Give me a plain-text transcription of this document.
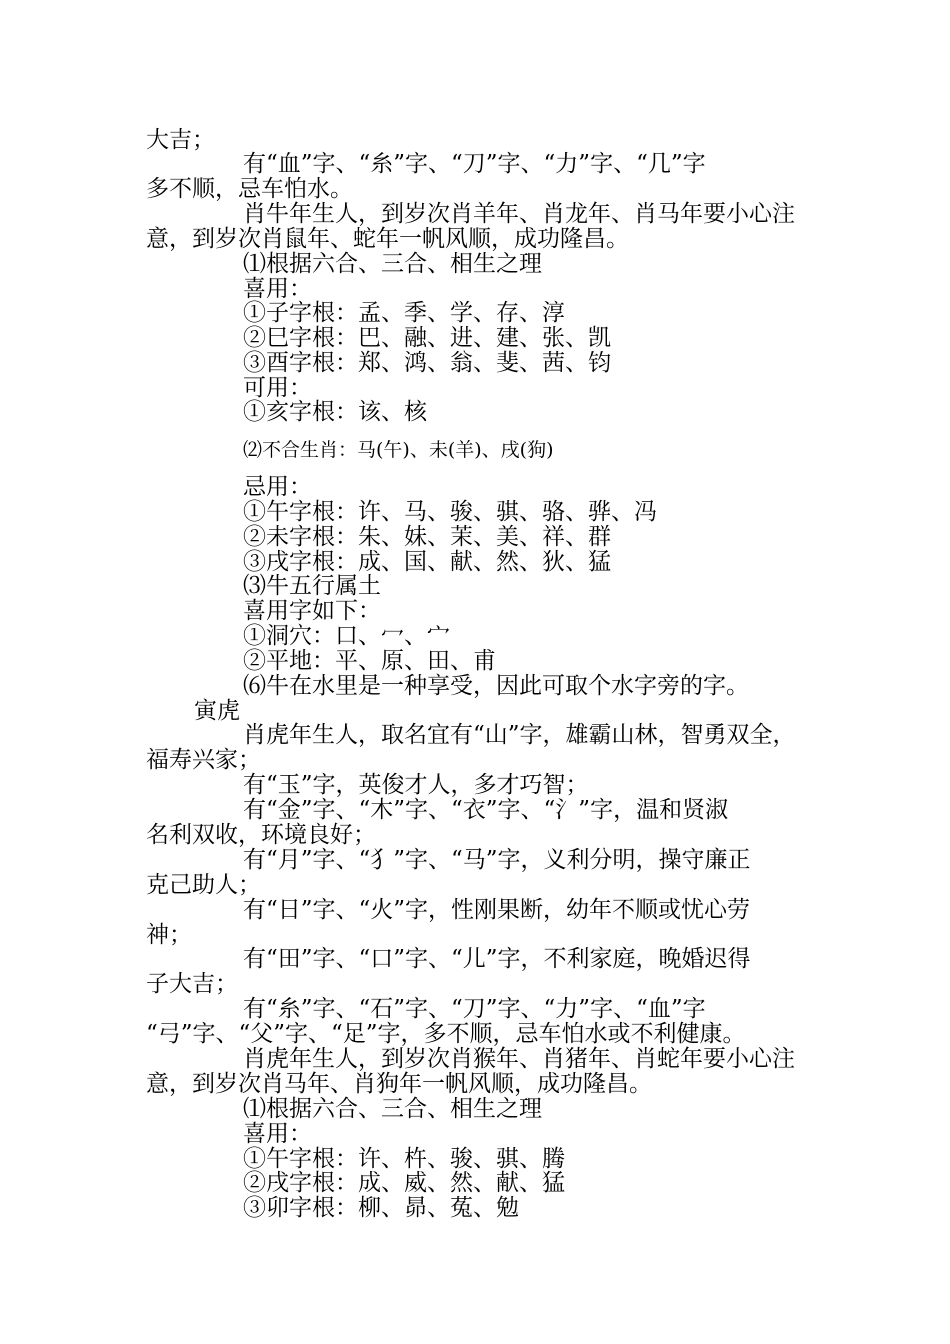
大吉；
有“血”字、“糸”字、“刀”字、“力”字、“几”字
多不顺，忌车怕水。
肖牛年生人，到岁次肖羊年、肖龙年、肖马年要小心注
意，到岁次肖鼠年、蛇年一帆风顺，成功隆昌。
⑴根据六合、三合、相生之理
喜用：
①子字根：孟、季、学、存、淳
②巳字根：巴、融、进、建、张、凯
③酉字根：郑、鸿、翁、斐、茜、钧
可用：
①亥字根：该、核
⑵不合生肖：马(午)、未(羊)、戌(狗)
忌用：
①午字根：许、马、骏、骐、骆、骅、冯
②未字根：朱、妹、茉、美、祥、群
③戌字根：成、国、献、然、狄、猛
⑶牛五行属土
喜用字如下：
①洞穴：口、冖、宀
②平地：平、原、田、甫
⑹牛在水里是一种享受，因此可取个水字旁的字。
寅虎
肖虎年生人，取名宜有“山”字，雄霸山林，智勇双全，
福寿兴家；
有“玉”字，英俊才人，多才巧智；
有“金”字、“木”字、“衣”字、“氵”字，温和贤淑
名利双收，环境良好；
有“月”字、“犭”字、“马”字，义利分明，操守廉正
克己助人；
有“日”字、“火”字，性刚果断，幼年不顺或忧心劳
神；
有“田”字、“口”字、“儿”字，不利家庭，晚婚迟得
子大吉；
有“糸”字、“石”字、“刀”字、“力”字、“血”字
“弓”字、“父”字、“足”字，多不顺，忌车怕水或不利健康。
肖虎年生人，到岁次肖猴年、肖猪年、肖蛇年要小心注
意，到岁次肖马年、肖狗年一帆风顺，成功隆昌。
⑴根据六合、三合、相生之理
喜用：
①午字根：许、杵、骏、骐、腾
②戌字根：成、威、然、献、猛
③卯字根：柳、昴、菟、勉
